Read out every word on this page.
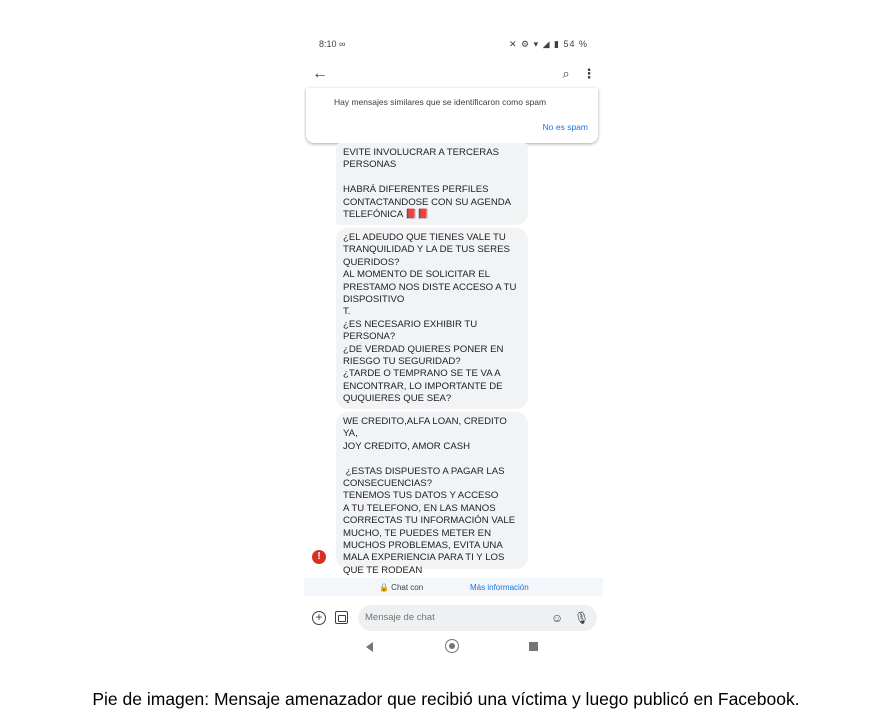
8:10 ∞	✕ ⚙ ▾ ◢ ▮ 54 %
←	⌕ ⋮
Hay mensajes similares que se identificaron como spam
No es spam
EVITE INVOLUCRAR A TERCERAS
PERSONAS

HABRÁ DIFERENTES PERFILES
CONTACTANDOSE CON SU AGENDA
TELEFÓNICA 📕📕
¿EL ADEUDO QUE TIENES VALE TU
TRANQUILIDAD Y LA DE TUS SERES
QUERIDOS?
AL MOMENTO DE SOLICITAR EL
PRESTAMO NOS DISTE ACCESO A TU
DISPOSITIVO
T.
¿ES NECESARIO EXHIBIR TU
PERSONA?
¿DE VERDAD QUIERES PONER EN
RIESGO TU SEGURIDAD?
¿TARDE O TEMPRANO SE TE VA A
ENCONTRAR, LO IMPORTANTE DE
QUQUIERES QUE SEA?
WE CREDITO,ALFA LOAN, CREDITO YA,
JOY CREDITO, AMOR CASH

¿ESTAS DISPUESTO A PAGAR LAS
CONSECUENCIAS?
TENEMOS TUS DATOS Y ACCESO
A TU TELEFONO, EN LAS MANOS
CORRECTAS TU INFORMACIÓN VALE
MUCHO, TE PUEDES METER EN
MUCHOS PROBLEMAS, EVITA UNA
MALA EXPERIENCIA PARA TI Y LOS
QUE TE RODEAN
!
🔒 Chat con	Más información
+
Mensaje de chat	☺ 🎙
Pie de imagen: Mensaje amenazador que recibió una víctima y luego publicó en Facebook.
